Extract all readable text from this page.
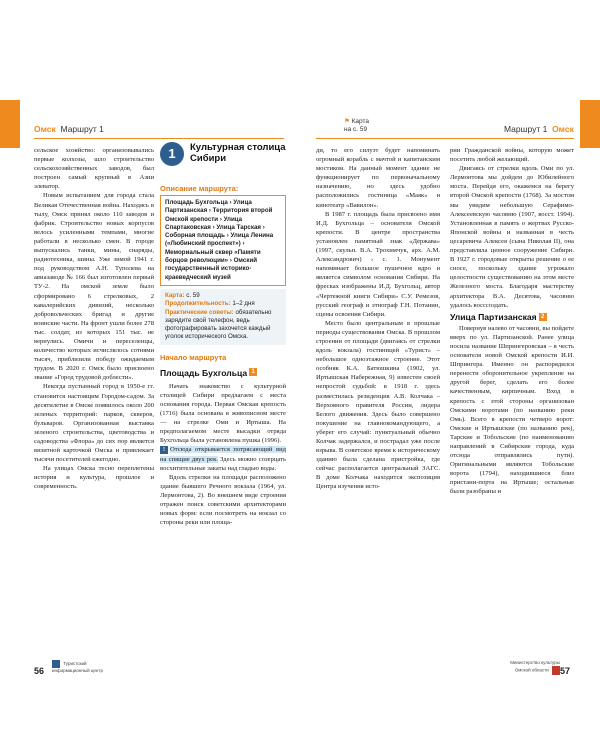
Омск Маршрут 1	Маршрут 1 Омск
⚑ Карта
на с. 59

сельское хозяйство: организовывались первые колхозы, шло строительство сельскохозяйственных заводов, был построен самый крупный в Азии элеватор.

Новым испытанием для города стала Великая Отечественная война. Находясь в тылу, Омск принял около 110 заводов и фабрик. Строительство новых корпусов велось усиленными темпами, многие работали в несколько смен. В городе выпускались танки, мины, снаряды, радиотехника, шины. Уже зимой 1941 г. под руководством А.Н. Туполева на авиазаводе № 166 был изготовлен первый ТУ-2. На омской земле было сформировано 6 стрелковых, 2 кавалерийских дивизий, несколько добровольческих бригад и другие воинские части. На фронт ушли более 278 тыс. солдат, из которых 151 тыс. не вернулись. Омичи и переселенцы, количество которых исчислялось сотнями тысяч, приблизили победу ожидаемым трудом. В 2020 г. Омск было присвоено звание «Город трудовой доблести».

Некогда пустынный город в 1950-е гг. становится настоящим Городом-садом. За десятилетие в Омске появилось около 200 зеленых территорий: парков, скверов, бульваров. Организованная выставка зеленого строительства, цветоводства и садоводства «Флора» до сих пор является визитной карточкой Омска и привлекает тысячи посетителей ежегодно.

На улицах Омска тесно переплетены история и культура, прошлое и современность.

1	Культурная столица Сибири
Описание маршрута:
Площадь Бухгольца › Улица Партизанская › Территория второй Омской крепости › Улица Спартаковская › Улица Тарская › Соборная площадь › Улица Ленина («Любинский проспект») › Мемориальный сквер «Памяти борцов революции» › Омский государственный историко-краеведческий музей
Карта: с. 59
Продолжительность: 1–2 дня
Практические советы: обязательно зарядите свой телефон, ведь фотографировать захочется каждый уголок исторического Омска.
Начало маршрута
Площадь Бухгольца 1

Начать знакомство с культурной столицей Сибири предлагаем с места основания города. Первая Омская крепость (1716) была основана в живописном месте — на стрелке Оми и Иртыша. На предполагаемом месте высадки отряда Бухгольца была установлена пушка (1996).

! Отсюда открывается потрясающий вид на спящие двух рек. Здесь можно созерцать восхитительные закаты над гладью воды.

Вдоль стрелки на площади расположено здание бывшего Речного вокзала (1964, ул. Лермонтова, 2). Во внешнем виде строения отражен поиск советскими архитекторами новых форм: если посмотреть на вокзал со стороны реки или площа-

ди, то его силуэт будет напоминать огромный корабль с мачтой и капитанским мостиком. На данный момент здание не функционирует по первоначальному назначению, но здесь удобно расположились гостиница «Маяк» и кинотеатр «Вавилон».

В 1987 г. площадь была присвоено имя И.Д. Бухгольца – основателя Омской крепости. В центре пространства установлен памятный знак «Держава» (1997, скульп. В.А. Трохимчук, арх. А.М. Александрович) › с. 1. Монумент напоминает большое пушечное ядро и является символом основания Сибири. На фресках изображены И.Д. Бухгольц, автор «Чертежной книги Сибири» С.У. Ремезов, русский географ и этнограф Г.Н. Потанин, сцены освоения Сибири.

Место было центральным в прошлые периоды существования Омска. В прошлом строении от площади (двигаясь от стрелки вдоль вокзала) гостиницей «Турист» – небольшое одноэтажное строение. Этот особняк К.А. Батюшкина (1902, ул. Иртышская Набережная, 9) известен своей непростой судьбой: в 1918 г. здесь разместилась резиденция А.В. Колчака – Верховного правителя России, лидера Белого движения. Здесь было совершено покушение на главнокомандующего, а уберег его случай: пунктуальный обычно Колчак задержался, и пострадал уже после взрыва. В советское время к историческому зданию была сделана пристройка, где сейчас располагается центральный ЗАГС. В доме Колчака находится экспозиция Центра изучения исто-

рии Гражданской войны, которую может посетить любой желающий.

Двигаясь от стрелки вдоль Оми по ул. Лермонтова мы дойдем до Юбилейного моста. Перейдя его, окажемся на берегу второй Омской крепости (1768). За мостом мы увидим небольшую Серафимо-Алексеевскую часовню (1907, восст. 1994). Установленная в память о жертвах Русско-Японской войны и названная в честь цесаревича Алексея (сына Николая II), она представляла ценное сооружение Сибири. В 1927 г. городовые открыты решение о ее сносе, поскольку здание угрожало целостности существованию на этом месте Железного моста. Благодаря мастерству архитектора В.А. Десятова, часовню удалось восссоздать.

Улица Партизанская 2

Повернув налево от часовни, вы пойдете вверх по ул. Партизанской. Ранее улица носила название Шпрингеровская – в честь основателя новой Омской крепости И.И. Шпрингера. Именно он распорядился перенести оборонительное укрепление на другой берег, сделать его более качественным, кирпичным. Вход в крепость с этой стороны организован Омскими воротами (по названию реки Омь). Всего в крепости четверо ворот: Омские и Иртышские (по названию рек), Тарские и Тобольские (по наименованию направлений в Сибирские города, куда отсюда отправлялись пути). Оригинальными являются Тобольские ворота (1794), находившиеся близ пристани-порта на Иртыше; остальные были разобраны и

56
Туристский информационный центр
Министерство культуры Омской области	57
